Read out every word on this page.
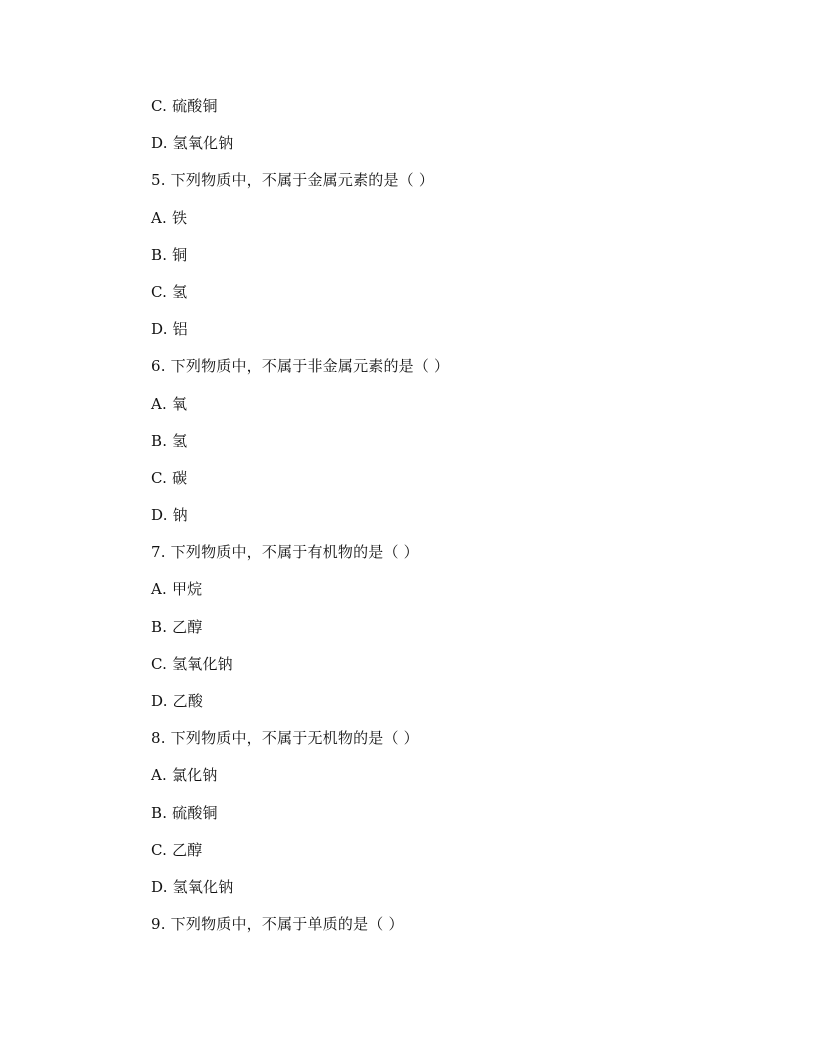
C. 硫酸铜
D. 氢氧化钠
5. 下列物质中，不属于金属元素的是（ ）
A. 铁
B. 铜
C. 氢
D. 铝
6. 下列物质中，不属于非金属元素的是（ ）
A. 氧
B. 氢
C. 碳
D. 钠
7. 下列物质中，不属于有机物的是（ ）
A. 甲烷
B. 乙醇
C. 氢氧化钠
D. 乙酸
8. 下列物质中，不属于无机物的是（ ）
A. 氯化钠
B. 硫酸铜
C. 乙醇
D. 氢氧化钠
9. 下列物质中，不属于单质的是（ ）
